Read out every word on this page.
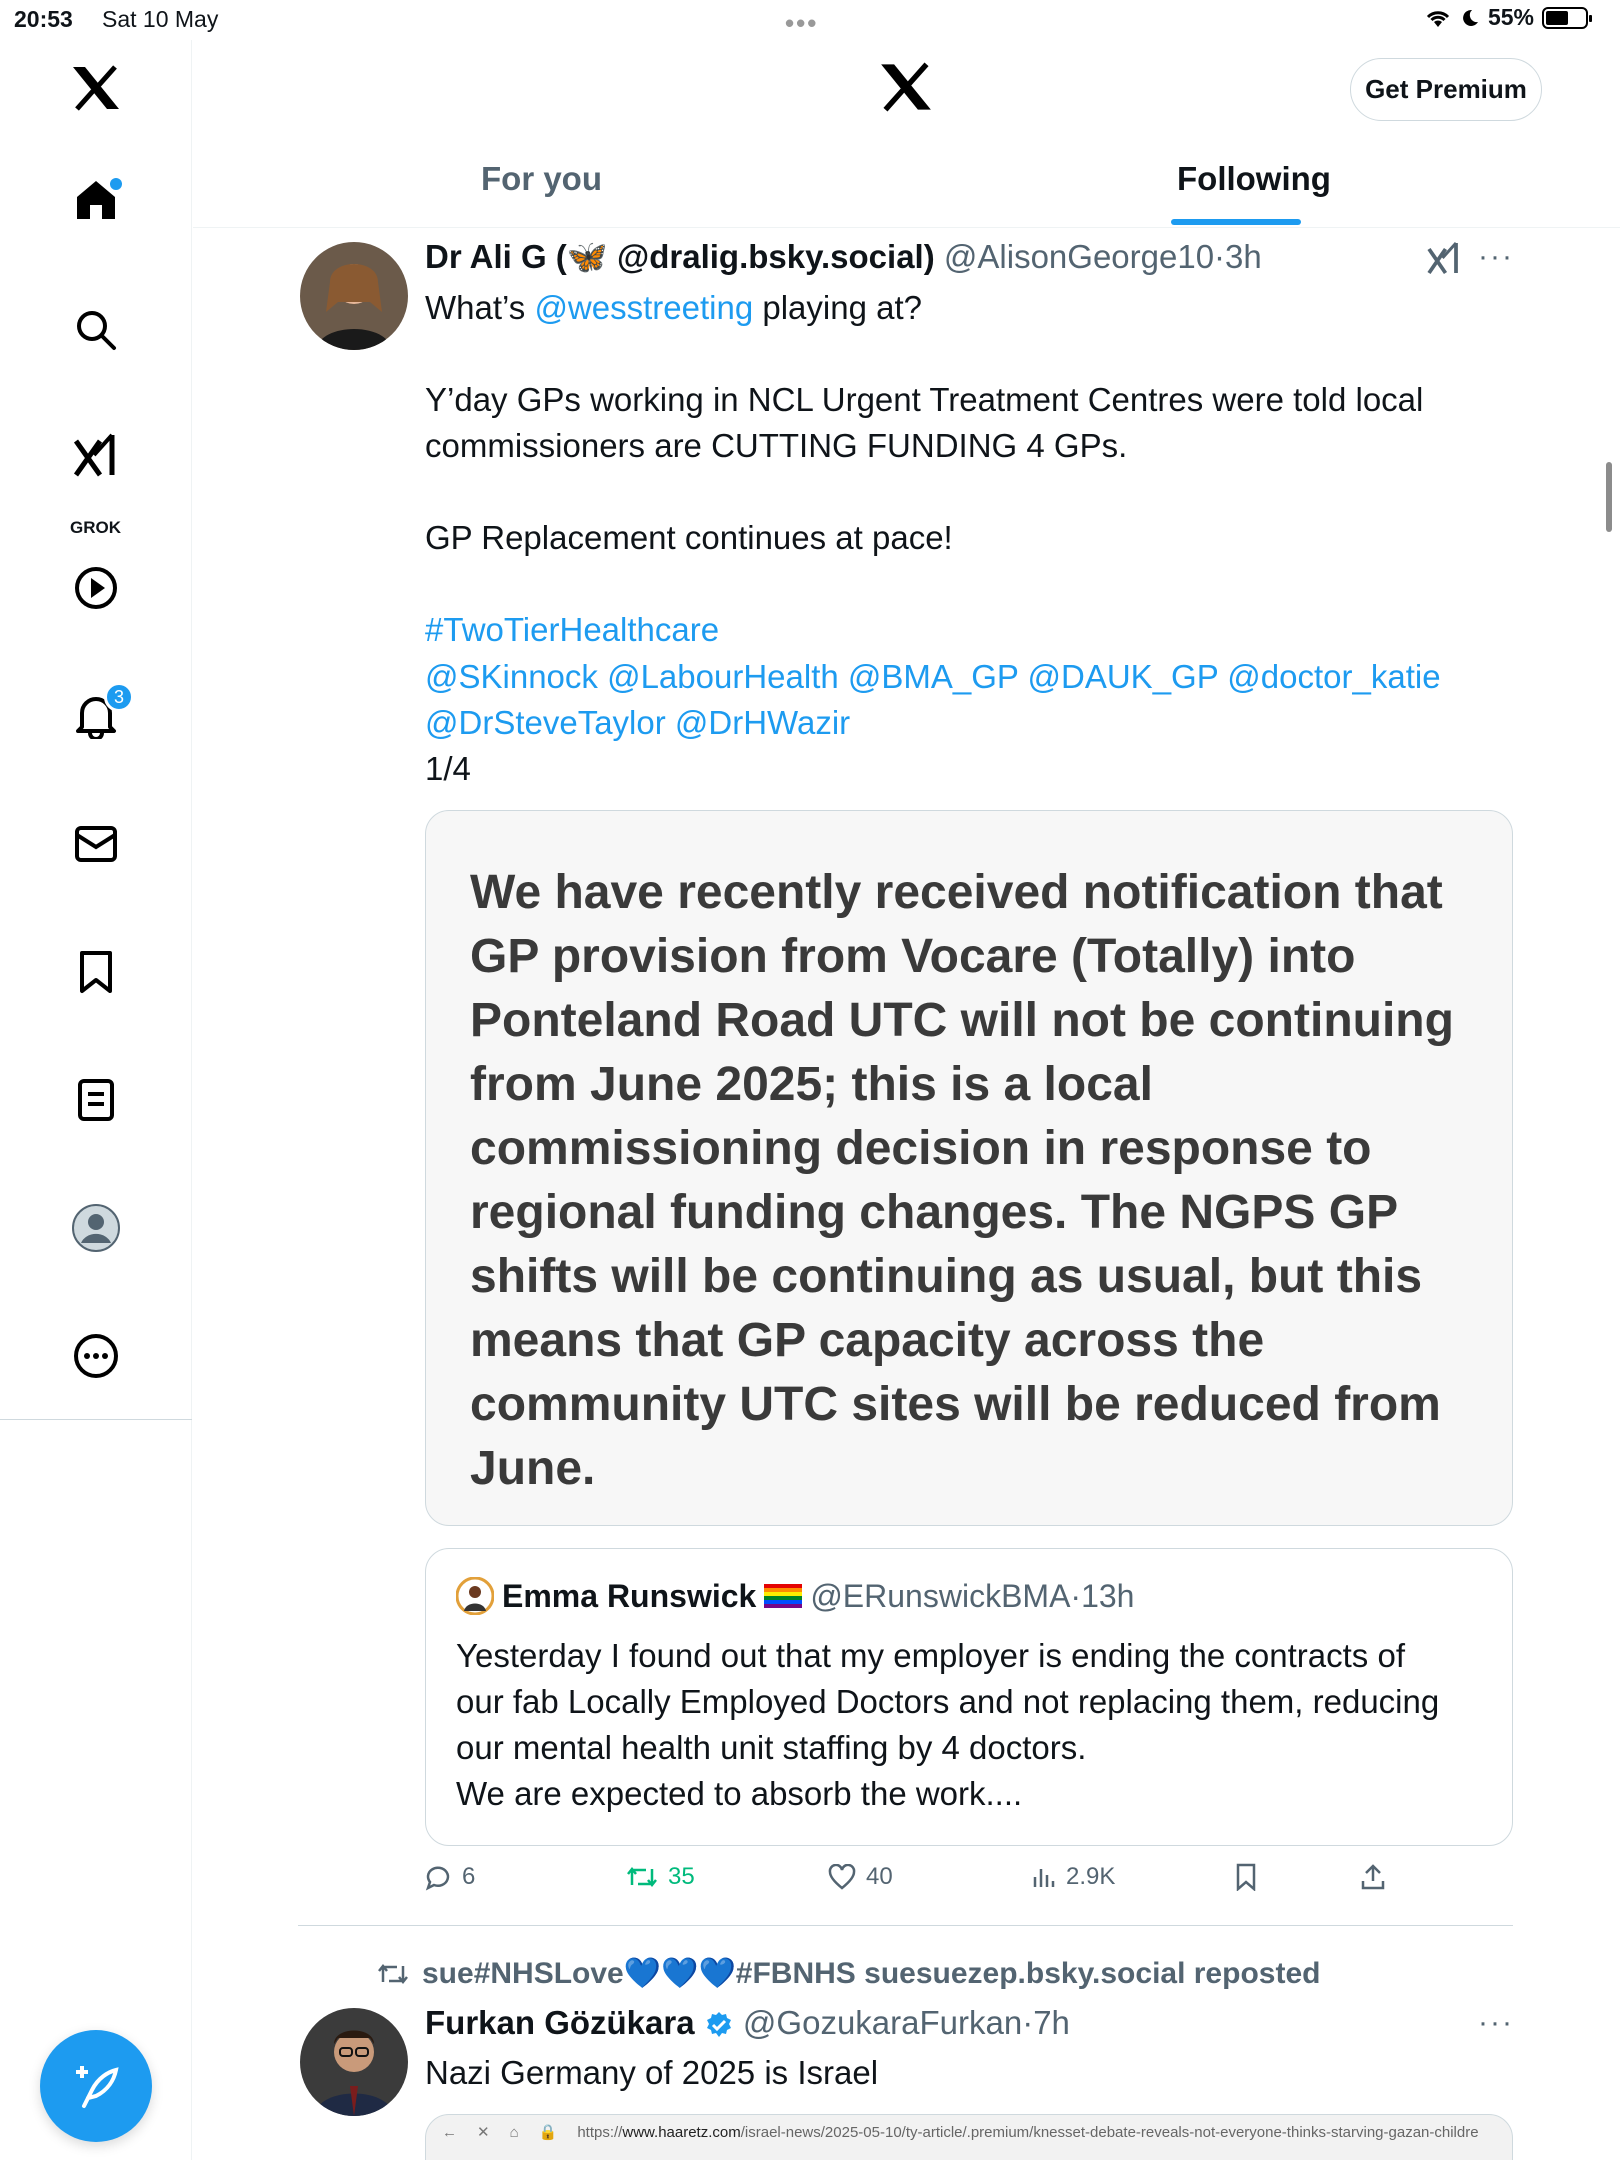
20:53 Sat 10 May	•••	55%
GROK
3
Get Premium
For you	Following
Dr Ali G (🦋 @dralig.bsky.social) @AlisonGeorge10·3h	···
What’s @wesstreeting playing at?
Y’day GPs working in NCL Urgent Treatment Centres were told local
commissioners are CUTTING FUNDING 4 GPs.
GP Replacement continues at pace!
#TwoTierHealthcare
@SKinnock @LabourHealth @BMA_GP @DAUK_GP @doctor_katie
@DrSteveTaylor @DrHWazir
1/4
We have recently received notification that GP provision from Vocare (Totally) into Ponteland Road UTC will not be continuing from June 2025; this is a local commissioning decision in response to regional funding changes. The NGPS GP shifts will be continuing as usual, but this means that GP capacity across the community UTC sites will be reduced from June.
Emma Runswick @ERunswickBMA · 13h
Yesterday I found out that my employer is ending the contracts of
our fab Locally Employed Doctors and not replacing them, reducing
our mental health unit staffing by 4 doctors.
We are expected to absorb the work....
6	35	40	2.9K
sue#NHSLove💙💙💙#FBNHS suesuezep.bsky.social reposted
Furkan Gözükara @GozukaraFurkan·7h	···
Nazi Germany of 2025 is Israel
← ✕ ⌂ 🔒 https://www.haaretz.com/israel-news/2025-05-10/ty-article/.premium/knesset-debate-reveals-not-everyone-thinks-starving-gazan-childre
